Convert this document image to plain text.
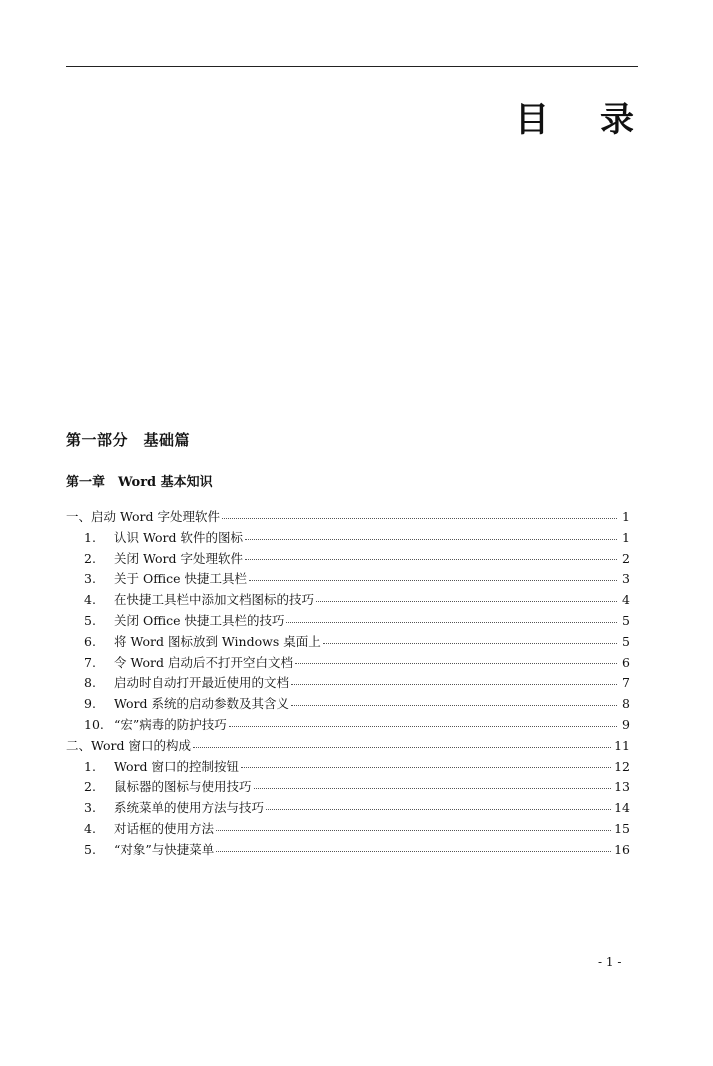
目 录
第一部分　基础篇
第一章　Word 基本知识
一、启动 Word 字处理软件	1
1.	认识 Word 软件的图标	1
2.	关闭 Word 字处理软件	2
3.	关于 Office 快捷工具栏	3
4.	在快捷工具栏中添加文档图标的技巧	4
5.	关闭 Office 快捷工具栏的技巧	5
6.	将 Word 图标放到 Windows 桌面上	5
7.	令 Word 启动后不打开空白文档	6
8.	启动时自动打开最近使用的文档	7
9.	Word 系统的启动参数及其含义	8
10. “宏”病毒的防护技巧	9
二、Word 窗口的构成	11
1.	Word 窗口的控制按钮	12
2.	鼠标器的图标与使用技巧	13
3.	系统菜单的使用方法与技巧	14
4.	对话框的使用方法	15
5.	“对象”与快捷菜单	16
- 1 -
